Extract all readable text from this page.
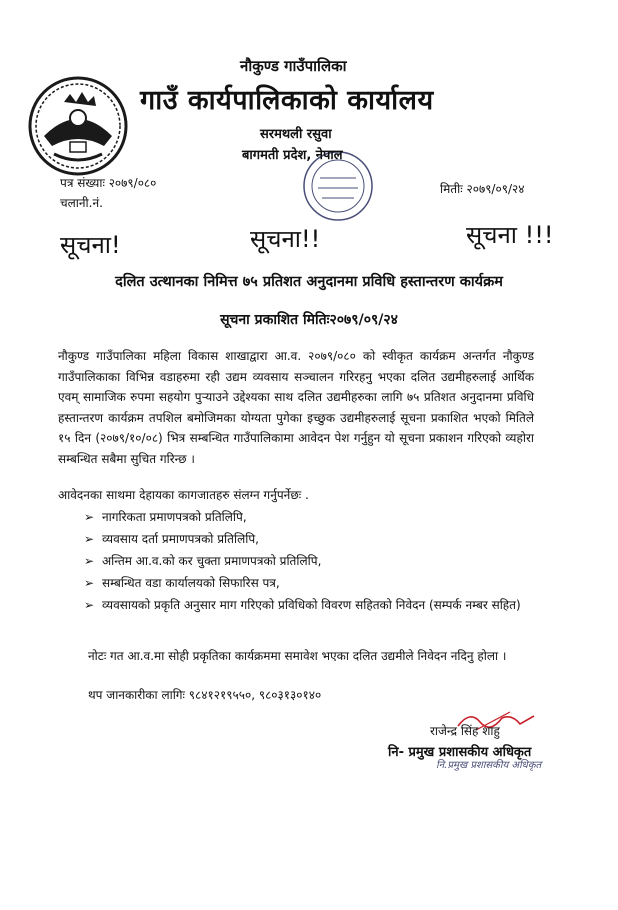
नौकुण्ड गाउँपालिका
गाउँ कार्यपालिकाको कार्यालय
सरमथली रसुवा
बागमती प्रदेश, नेपाल
पत्र संख्याः २०७९/०८०
चलानी.नं.
मितीः २०७९/०९/२४
सूचना!	सूचना!!	सूचना !!!
दलित उत्थानका निमित्त ७५ प्रतिशत अनुदानमा प्रविधि हस्तान्तरण कार्यक्रम
सूचना प्रकाशित मितिः२०७९/०९/२४
नौकुण्ड गाउँपालिका महिला विकास शाखाद्वारा आ.व. २०७९/०८० को स्वीकृत कार्यक्रम अन्तर्गत नौकुण्ड गाउँपालिकाका विभिन्न वडाहरुमा रही उद्यम व्यवसाय सञ्चालन गरिरहनु भएका दलित उद्यमीहरुलाई आर्थिक एवम् सामाजिक रुपमा सहयोग पुऱ्याउने उद्देश्यका साथ दलित उद्यमीहरुका लागि ७५ प्रतिशत अनुदानमा प्रविधि हस्तान्तरण कार्यक्रम तपशिल बमोजिमका योग्यता पुगेका इच्छुक उद्यमीहरुलाई सूचना प्रकाशित भएको मितिले १५ दिन (२०७९/१०/०८) भित्र सम्बन्धित गाउँपालिकामा आवेदन पेश गर्नुहुन यो सूचना प्रकाशन गरिएको व्यहोरा सम्बन्धित सबैमा सुचित गरिन्छ ।
आवेदनका साथमा देहायका कागजातहरु संलग्न गर्नुपर्नेछः .
➢ नागरिकता प्रमाणपत्रको प्रतिलिपि,
➢ व्यवसाय दर्ता प्रमाणपत्रको प्रतिलिपि,
➢ अन्तिम आ.व.को कर चुक्ता प्रमाणपत्रको प्रतिलिपि,
➢ सम्बन्धित वडा कार्यालयको सिफारिस पत्र,
➢ व्यवसायको प्रकृति अनुसार माग गरिएको प्रविधिको विवरण सहितको निवेदन (सम्पर्क नम्बर सहित)
नोटः गत आ.व.मा सोही प्रकृतिका कार्यक्रममा समावेश भएका दलित उद्यमीले निवेदन नदिनु होला ।
थप जानकारीका लागिः ९८४१२१९५५०, ९८०३१३०१४०
राजेन्द्र सिंह शाहु
नि- प्रमुख प्रशासकीय अधिकृत
नि.प्रमुख प्रशासकीय अधिकृत
